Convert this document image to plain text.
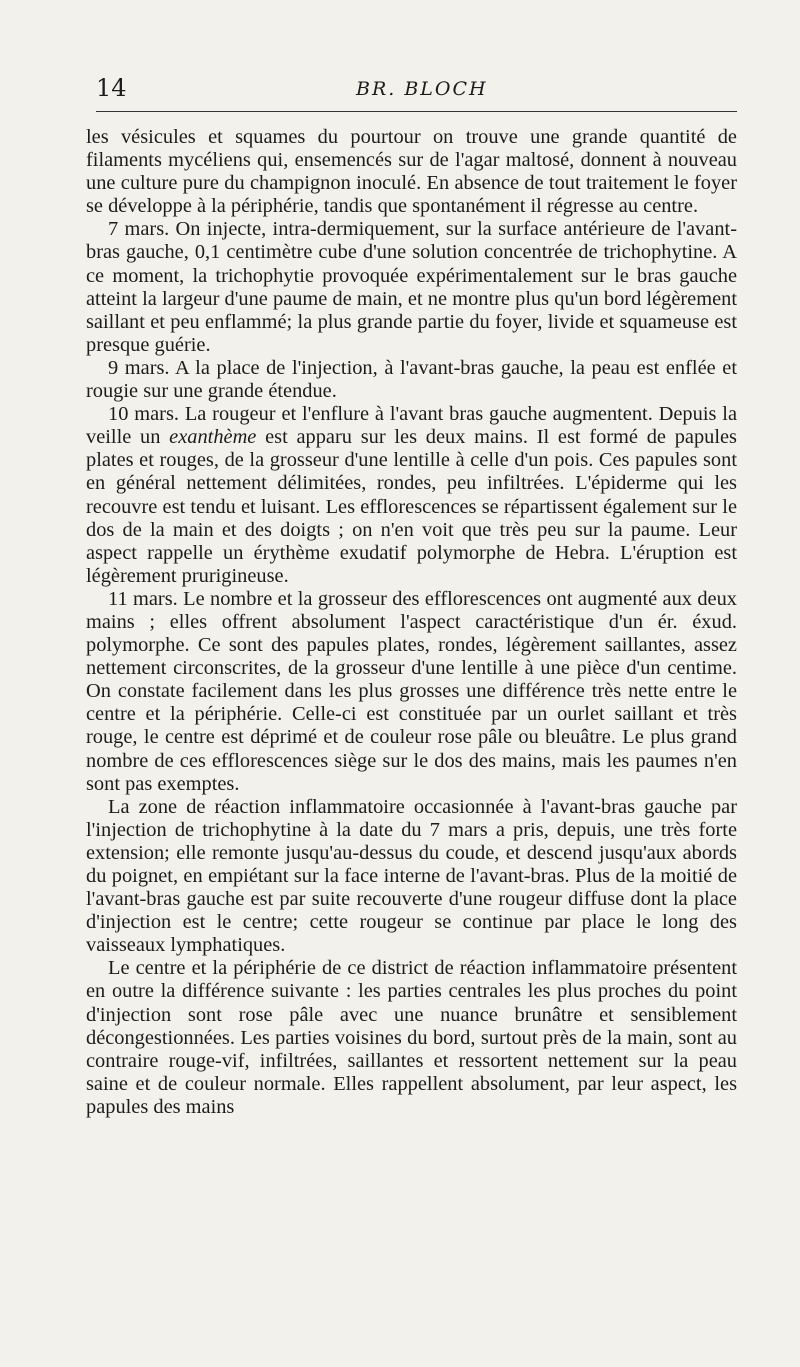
14	BR. BLOCH

les vésicules et squames du pourtour on trouve une grande quantité de filaments mycéliens qui, ensemencés sur de l'agar maltosé, donnent à nouveau une culture pure du champignon inoculé. En absence de tout traitement le foyer se développe à la périphérie, tandis que spontanément il régresse au centre.

7 mars. On injecte, intra-dermiquement, sur la surface antérieure de l'avant-bras gauche, 0,1 centimètre cube d'une solution concentrée de trichophytine. A ce moment, la trichophytie provoquée expérimentalement sur le bras gauche atteint la largeur d'une paume de main, et ne montre plus qu'un bord légèrement saillant et peu enflammé; la plus grande partie du foyer, livide et squameuse est presque guérie.

9 mars. A la place de l'injection, à l'avant-bras gauche, la peau est enflée et rougie sur une grande étendue.

10 mars. La rougeur et l'enflure à l'avant bras gauche augmentent. Depuis la veille un exanthème est apparu sur les deux mains. Il est formé de papules plates et rouges, de la grosseur d'une lentille à celle d'un pois. Ces papules sont en général nettement délimitées, rondes, peu infiltrées. L'épiderme qui les recouvre est tendu et luisant. Les efflorescences se répartissent également sur le dos de la main et des doigts ; on n'en voit que très peu sur la paume. Leur aspect rappelle un érythème exudatif polymorphe de Hebra. L'éruption est légèrement prurigineuse.

11 mars. Le nombre et la grosseur des efflorescences ont augmenté aux deux mains ; elles offrent absolument l'aspect caractéristique d'un ér. éxud. polymorphe. Ce sont des papules plates, rondes, légèrement saillantes, assez nettement circonscrites, de la grosseur d'une lentille à une pièce d'un centime. On constate facilement dans les plus grosses une différence très nette entre le centre et la périphérie. Celle-ci est constituée par un ourlet saillant et très rouge, le centre est déprimé et de couleur rose pâle ou bleuâtre. Le plus grand nombre de ces efflorescences siège sur le dos des mains, mais les paumes n'en sont pas exemptes.

La zone de réaction inflammatoire occasionnée à l'avant-bras gauche par l'injection de trichophytine à la date du 7 mars a pris, depuis, une très forte extension; elle remonte jusqu'au-dessus du coude, et descend jusqu'aux abords du poignet, en empiétant sur la face interne de l'avant-bras. Plus de la moitié de l'avant-bras gauche est par suite recouverte d'une rougeur diffuse dont la place d'injection est le centre; cette rougeur se continue par place le long des vaisseaux lymphatiques.

Le centre et la périphérie de ce district de réaction inflammatoire présentent en outre la différence suivante : les parties centrales les plus proches du point d'injection sont rose pâle avec une nuance brunâtre et sensiblement décongestionnées. Les parties voisines du bord, surtout près de la main, sont au contraire rouge-vif, infiltrées, saillantes et ressortent nettement sur la peau saine et de couleur normale. Elles rappellent absolument, par leur aspect, les papules des mains
